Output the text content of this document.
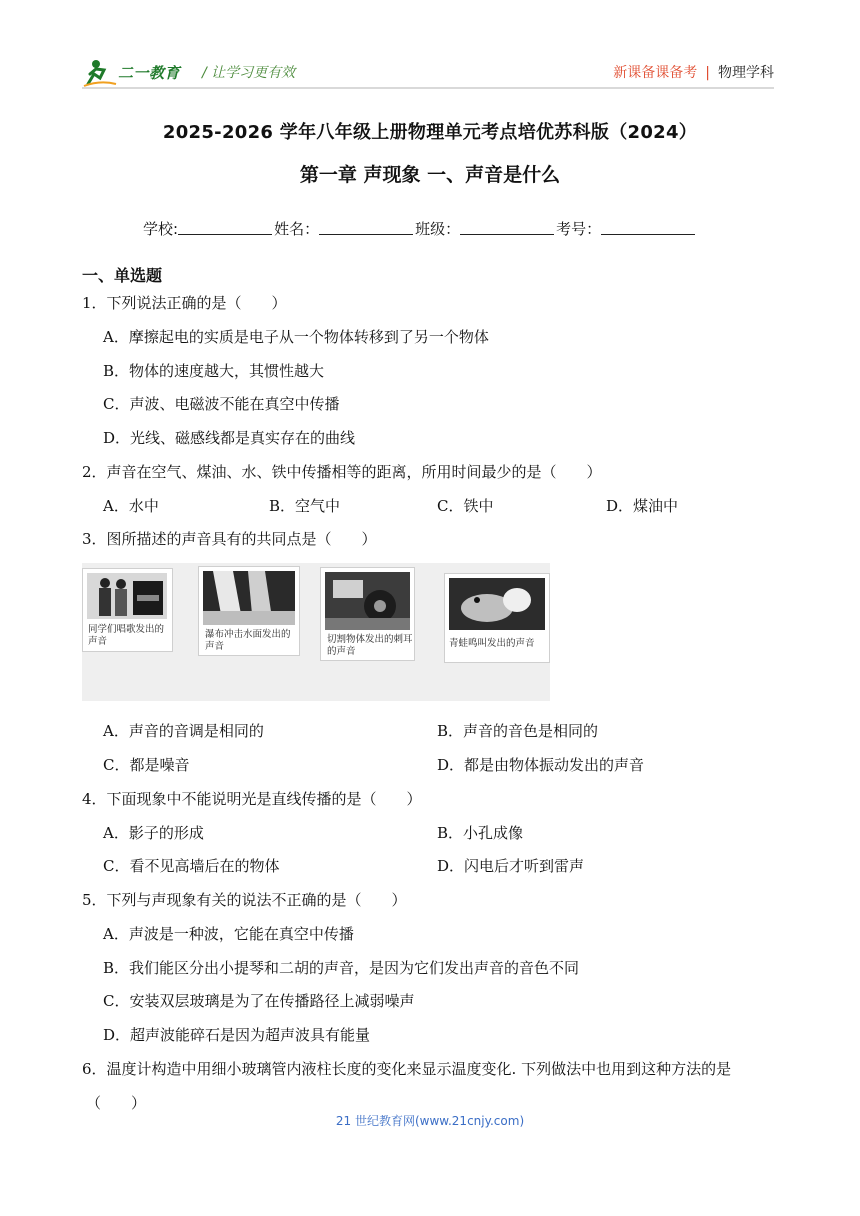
二一教育 / 让学习更有效	新课备课备考 | 物理学科
2025-2026 学年八年级上册物理单元考点培优苏科版（2024）
第一章 声现象 一、声音是什么
学校:	姓名：	班级：	考号：
一、单选题
1．下列说法正确的是（　　）
A．摩擦起电的实质是电子从一个物体转移到了另一个物体
B．物体的速度越大，其惯性越大
C．声波、电磁波不能在真空中传播
D．光线、磁感线都是真实存在的曲线
2．声音在空气、煤油、水、铁中传播相等的距离，所用时间最少的是（　　）
A．水中	B．空气中	C．铁中	D．煤油中
3．图所描述的声音具有的共同点是（　　）
同学们唱歌发出的声音
瀑布冲击水面发出的声音
切割物体发出的刺耳的声音
青蛙鸣叫发出的声音
A．声音的音调是相同的	B．声音的音色是相同的
C．都是噪音	D．都是由物体振动发出的声音
4．下面现象中不能说明光是直线传播的是（　　）
A．影子的形成	B．小孔成像
C．看不见高墙后在的物体	D．闪电后才听到雷声
5．下列与声现象有关的说法不正确的是（　　）
A．声波是一种波，它能在真空中传播
B．我们能区分出小提琴和二胡的声音，是因为它们发出声音的音色不同
C．安装双层玻璃是为了在传播路径上减弱噪声
D．超声波能碎石是因为超声波具有能量
6．温度计构造中用细小玻璃管内液柱长度的变化来显示温度变化. 下列做法中也用到这种方法的是
（　　）
21 世纪教育网(www.21cnjy.com)
